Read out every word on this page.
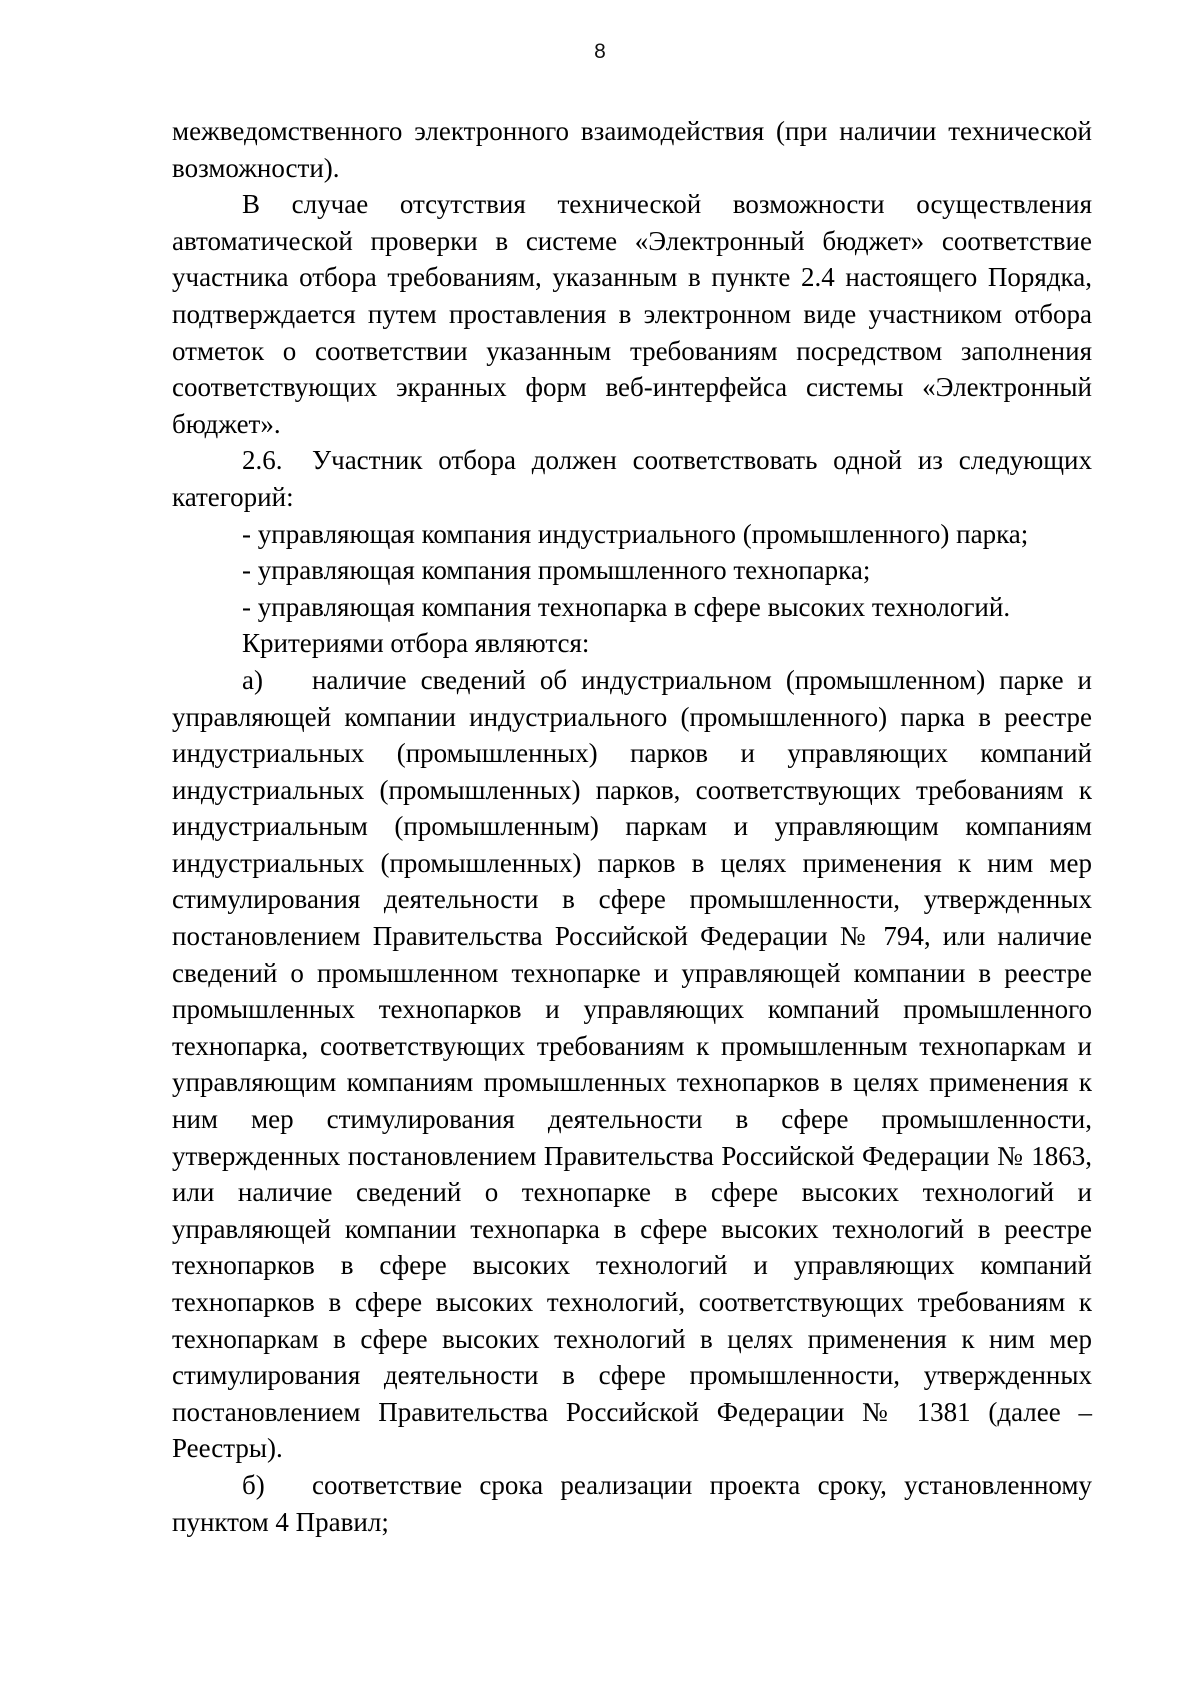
8

межведомственного электронного взаимодействия (при наличии технической возможности).

В случае отсутствия технической возможности осуществления автоматической проверки в системе «Электронный бюджет» соответствие участника отбора требованиям, указанным в пункте 2.4 настоящего Порядка, подтверждается путем проставления в электронном виде участником отбора отметок о соответствии указанным требованиям посредством заполнения соответствующих экранных форм веб-интерфейса системы «Электронный бюджет».

2.6. Участник отбора должен соответствовать одной из следующих категорий:

- управляющая компания индустриального (промышленного) парка;

- управляющая компания промышленного технопарка;

- управляющая компания технопарка в сфере высоких технологий.

Критериями отбора являются:

а) наличие сведений об индустриальном (промышленном) парке и управляющей компании индустриального (промышленного) парка в реестре индустриальных (промышленных) парков и управляющих компаний индустриальных (промышленных) парков, соответствующих требованиям к индустриальным (промышленным) паркам и управляющим компаниям индустриальных (промышленных) парков в целях применения к ним мер стимулирования деятельности в сфере промышленности, утвержденных постановлением Правительства Российской Федерации № 794, или наличие сведений о промышленном технопарке и управляющей компании в реестре промышленных технопарков и управляющих компаний промышленного технопарка, соответствующих требованиям к промышленным технопаркам и управляющим компаниям промышленных технопарков в целях применения к ним мер стимулирования деятельности в сфере промышленности, утвержденных постановлением Правительства Российской Федерации № 1863, или наличие сведений о технопарке в сфере высоких технологий и управляющей компании технопарка в сфере высоких технологий в реестре технопарков в сфере высоких технологий и управляющих компаний технопарков в сфере высоких технологий, соответствующих требованиям к технопаркам в сфере высоких технологий в целях применения к ним мер стимулирования деятельности в сфере промышленности, утвержденных постановлением Правительства Российской Федерации № 1381 (далее – Реестры).

б) соответствие срока реализации проекта сроку, установленному пунктом 4 Правил;
